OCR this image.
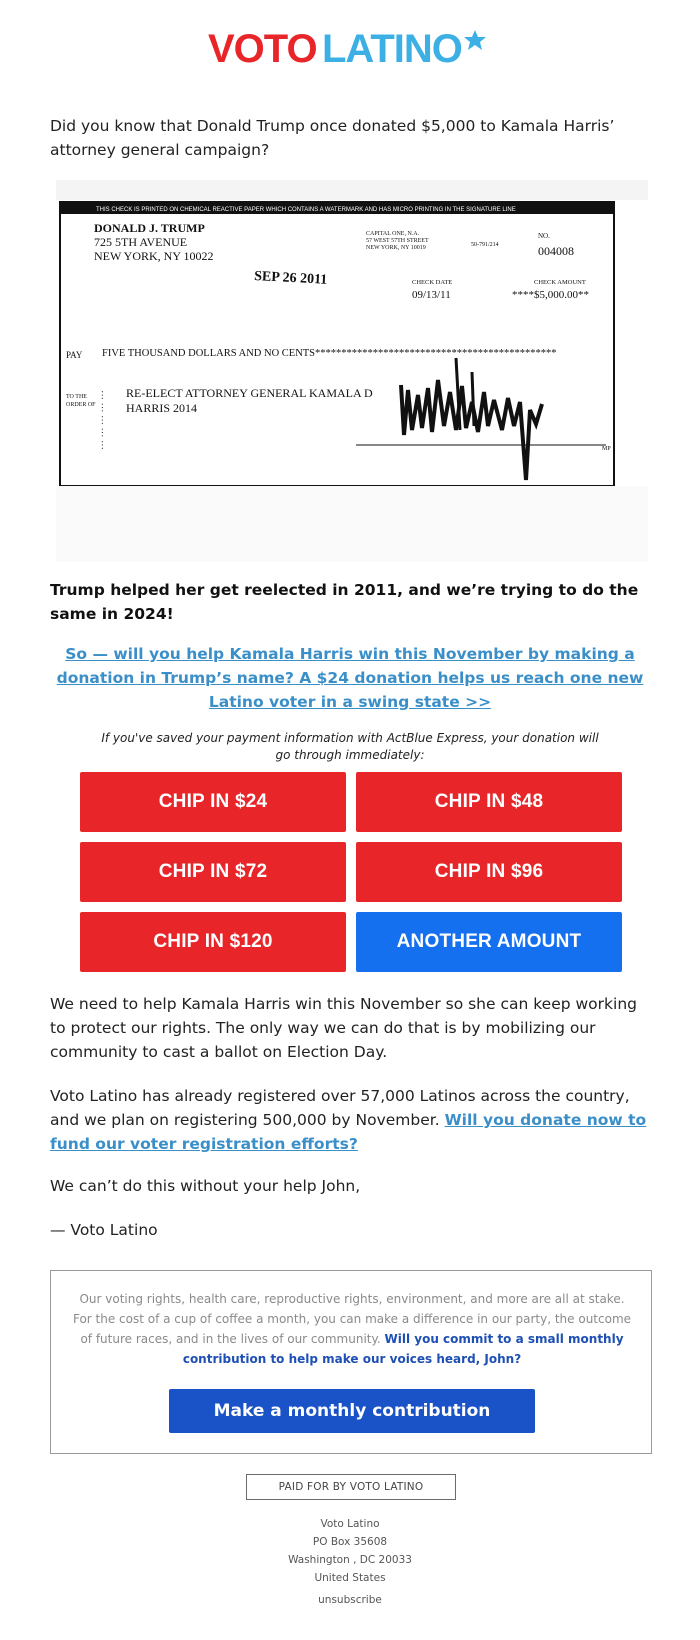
VOTO LATINO
Did you know that Donald Trump once donated $5,000 to Kamala Harris’ attorney general campaign?
THIS CHECK IS PRINTED ON CHEMICAL REACTIVE PAPER WHICH CONTAINS A WATERMARK AND HAS MICRO PRINTING IN THE SIGNATURE LINE
DONALD J. TRUMP
725 5TH AVENUE
NEW YORK, NY 10022
CAPITAL ONE, N.A.
57 WEST 57TH STREET
NEW YORK, NY 10019	50-791/214
NO.
004008
SEP 26 2011	CHECK DATE
09/13/11
CHECK AMOUNT
****$5,000.00**
··· ··· ··· ··· ···
PAY FIVE THOUSAND DOLLARS AND NO CENTS**********************************************
TO THE
ORDER OF
RE-ELECT ATTORNEY GENERAL KAMALA D
HARRIS 2014
MP
Trump helped her get reelected in 2011, and we’re trying to do the same in 2024!
So — will you help Kamala Harris win this November by making a donation in Trump’s name? A $24 donation helps us reach one new Latino voter in a swing state >>
If you've saved your payment information with ActBlue Express, your donation will go through immediately:
CHIP IN $24	CHIP IN $48
CHIP IN $72	CHIP IN $96
CHIP IN $120	ANOTHER AMOUNT
We need to help Kamala Harris win this November so she can keep working to protect our rights. The only way we can do that is by mobilizing our community to cast a ballot on Election Day.
Voto Latino has already registered over 57,000 Latinos across the country, and we plan on registering 500,000 by November. Will you donate now to fund our voter registration efforts?
We can’t do this without your help John,
— Voto Latino
Our voting rights, health care, reproductive rights, environment, and more are all at stake. For the cost of a cup of coffee a month, you can make a difference in our party, the outcome of future races, and in the lives of our community. Will you commit to a small monthly contribution to help make our voices heard, John?
Make a monthly contribution
PAID FOR BY VOTO LATINO
Voto Latino
PO Box 35608
Washington , DC 20033
United States
unsubscribe
